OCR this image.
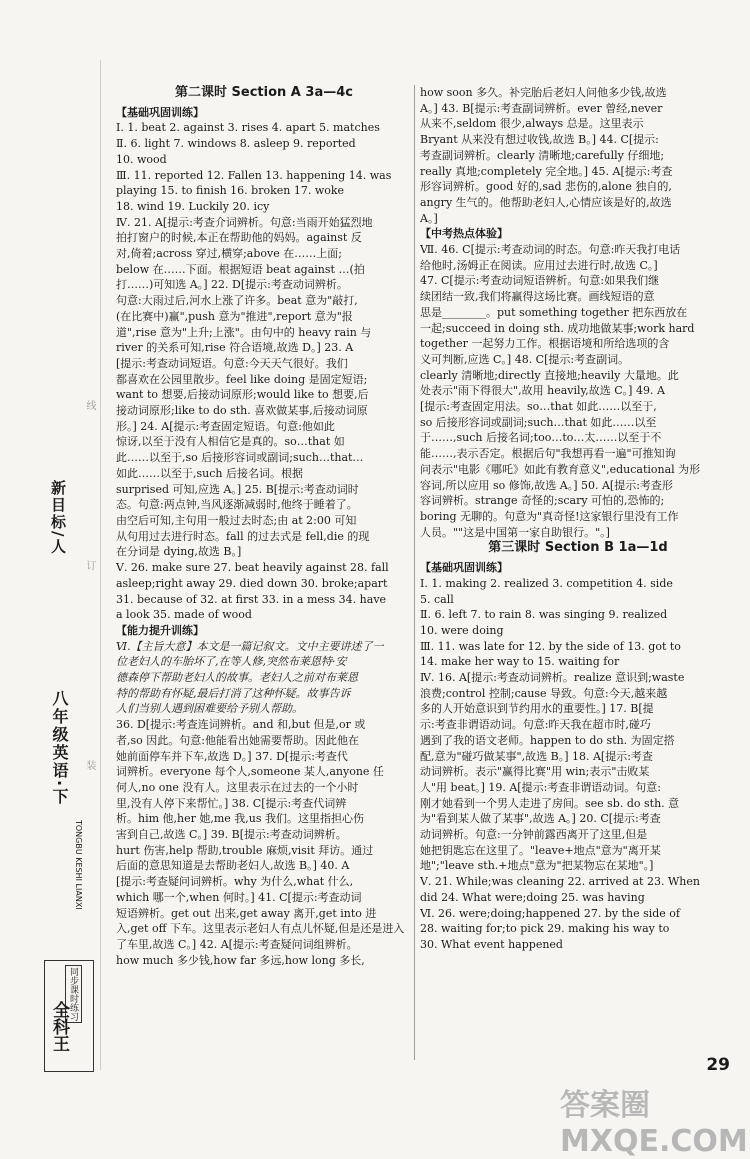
八年级英语·下
新目标/人
TONGBU KESHI LIANXI
同步课时练习
全科王
线
订
装

第二课时 Section A 3a—4c

【基础巩固训练】

Ⅰ. 1. beat 2. against 3. rises 4. apart 5. matches

Ⅱ. 6. light 7. windows 8. asleep 9. reported

10. wood

Ⅲ. 11. reported 12. Fallen 13. happening 14. was

playing 15. to finish 16. broken 17. woke

18. wind 19. Luckily 20. icy

Ⅳ. 21. A[提示:考查介词辨析。句意:当雨开始猛烈地

拍打窗户的时候,本正在帮助他的妈妈。against 反

对,倚着;across 穿过,横穿;above 在……上面;

below 在……下面。根据短语 beat against …(拍

打……)可知选 A。] 22. D[提示:考查动词辨析。

句意:大雨过后,河水上涨了许多。beat 意为"敲打,

(在比赛中)赢",push 意为"推进",report 意为"报

道",rise 意为"上升;上涨"。由句中的 heavy rain 与

river 的关系可知,rise 符合语境,故选 D。] 23. A

[提示:考查动词短语。句意:今天天气很好。我们

都喜欢在公园里散步。feel like doing 是固定短语;

want to 想要,后接动词原形;would like to 想要,后

接动词原形;like to do sth. 喜欢做某事,后接动词原

形。] 24. A[提示:考查固定短语。句意:他如此

惊讶,以至于没有人相信它是真的。so…that 如

此……以至于,so 后接形容词或副词;such…that…

如此……以至于,such 后接名词。根据

surprised 可知,应选 A。] 25. B[提示:考查动词时

态。句意:两点钟,当风逐渐减弱时,他终于睡着了。

由空后可知,主句用一般过去时态;由 at 2:00 可知

从句用过去进行时态。fall 的过去式是 fell,die 的现

在分词是 dying,故选 B。]

Ⅴ. 26. make sure 27. beat heavily against 28. fall

asleep;right away 29. died down 30. broke;apart

31. because of 32. at first 33. in a mess 34. have

a look 35. made of wood

【能力提升训练】

Ⅵ.【主旨大意】本文是一篇记叙文。文中主要讲述了一

位老妇人的车胎坏了,在等人修,突然布莱恩特·安

德森停下帮助老妇人的故事。老妇人之前对布莱恩

特的帮助有怀疑,最后打消了这种怀疑。故事告诉

人们当别人遇到困难要给予别人帮助。

36. D[提示:考查连词辨析。and 和,but 但是,or 或

者,so 因此。句意:他能看出她需要帮助。因此他在

她前面停车并下车,故选 D。] 37. D[提示:考查代

词辨析。everyone 每个人,someone 某人,anyone 任

何人,no one 没有人。这里表示在过去的一个小时

里,没有人停下来帮忙。] 38. C[提示:考查代词辨

析。him 他,her 她,me 我,us 我们。这里指担心伤

害到自己,故选 C。] 39. B[提示:考查动词辨析。

hurt 伤害,help 帮助,trouble 麻烦,visit 拜访。通过

后面的意思知道是去帮助老妇人,故选 B。] 40. A

[提示:考查疑问词辨析。why 为什么,what 什么,

which 哪一个,when 何时。] 41. C[提示:考查动词

短语辨析。get out 出来,get away 离开,get into 进

入,get off 下车。这里表示老妇人有点儿怀疑,但是还是进入

了车里,故选 C。] 42. A[提示:考查疑问词组辨析。

how much 多少钱,how far 多远,how long 多长,

how soon 多久。补完胎后老妇人问他多少钱,故选

A。] 43. B[提示:考查副词辨析。ever 曾经,never

从来不,seldom 很少,always 总是。这里表示

Bryant 从来没有想过收钱,故选 B。] 44. C[提示:

考查副词辨析。clearly 清晰地;carefully 仔细地;

really 真地;completely 完全地。] 45. A[提示:考查

形容词辨析。good 好的,sad 悲伤的,alone 独自的,

angry 生气的。他帮助老妇人,心情应该是好的,故选

A。]

【中考热点体验】

Ⅶ. 46. C[提示:考查动词的时态。句意:昨天我打电话

给他时,汤姆正在阅读。应用过去进行时,故选 C。]

47. C[提示:考查动词短语辨析。句意:如果我们继

续团结一致,我们将赢得这场比赛。画线短语的意

思是________。put something together 把东西放在

一起;succeed in doing sth. 成功地做某事;work hard

together 一起努力工作。根据语境和所给选项的含

义可判断,应选 C。] 48. C[提示:考查副词。

clearly 清晰地;directly 直接地;heavily 大量地。此

处表示"雨下得很大",故用 heavily,故选 C。] 49. A

[提示:考查固定用法。so…that 如此……以至于,

so 后接形容词或副词;such…that 如此……以至

于……,such 后接名词;too…to…太……以至于不

能……,表示否定。根据后句"我想再看一遍"可推知询

问表示"电影《哪吒》如此有教育意义",educational 为形

容词,所以应用 so 修饰,故选 A。] 50. A[提示:考查形

容词辨析。strange 奇怪的;scary 可怕的,恐怖的;

boring 无聊的。句意为"真奇怪!这家银行里没有工作

人员。""这是中国第一家自助银行。"。]

第三课时 Section B 1a—1d

【基础巩固训练】

Ⅰ. 1. making 2. realized 3. competition 4. side

5. call

Ⅱ. 6. left 7. to rain 8. was singing 9. realized

10. were doing

Ⅲ. 11. was late for 12. by the side of 13. got to

14. make her way to 15. waiting for

Ⅳ. 16. A[提示:考查动词辨析。realize 意识到;waste

浪费;control 控制;cause 导致。句意:今天,越来越

多的人开始意识到节约用水的重要性。] 17. B[提

示:考查非谓语动词。句意:昨天我在超市时,碰巧

遇到了我的语文老师。happen to do sth. 为固定搭

配,意为"碰巧做某事",故选 B。] 18. A[提示:考查

动词辨析。表示"赢得比赛"用 win;表示"击败某

人"用 beat。] 19. A[提示:考查非谓语动词。句意:

刚才她看到一个男人走进了房间。see sb. do sth. 意

为"看到某人做了某事",故选 A。] 20. C[提示:考查

动词辨析。句意:一分钟前露西离开了这里,但是

她把钥匙忘在这里了。"leave+地点"意为"离开某

地";"leave sth.+地点"意为"把某物忘在某地"。]

Ⅴ. 21. While;was cleaning 22. arrived at 23. When

did 24. What were;doing 25. was having

Ⅵ. 26. were;doing;happened 27. by the side of

28. waiting for;to pick 29. making his way to

30. What event happened

29
答案圈 MXQE.COM
